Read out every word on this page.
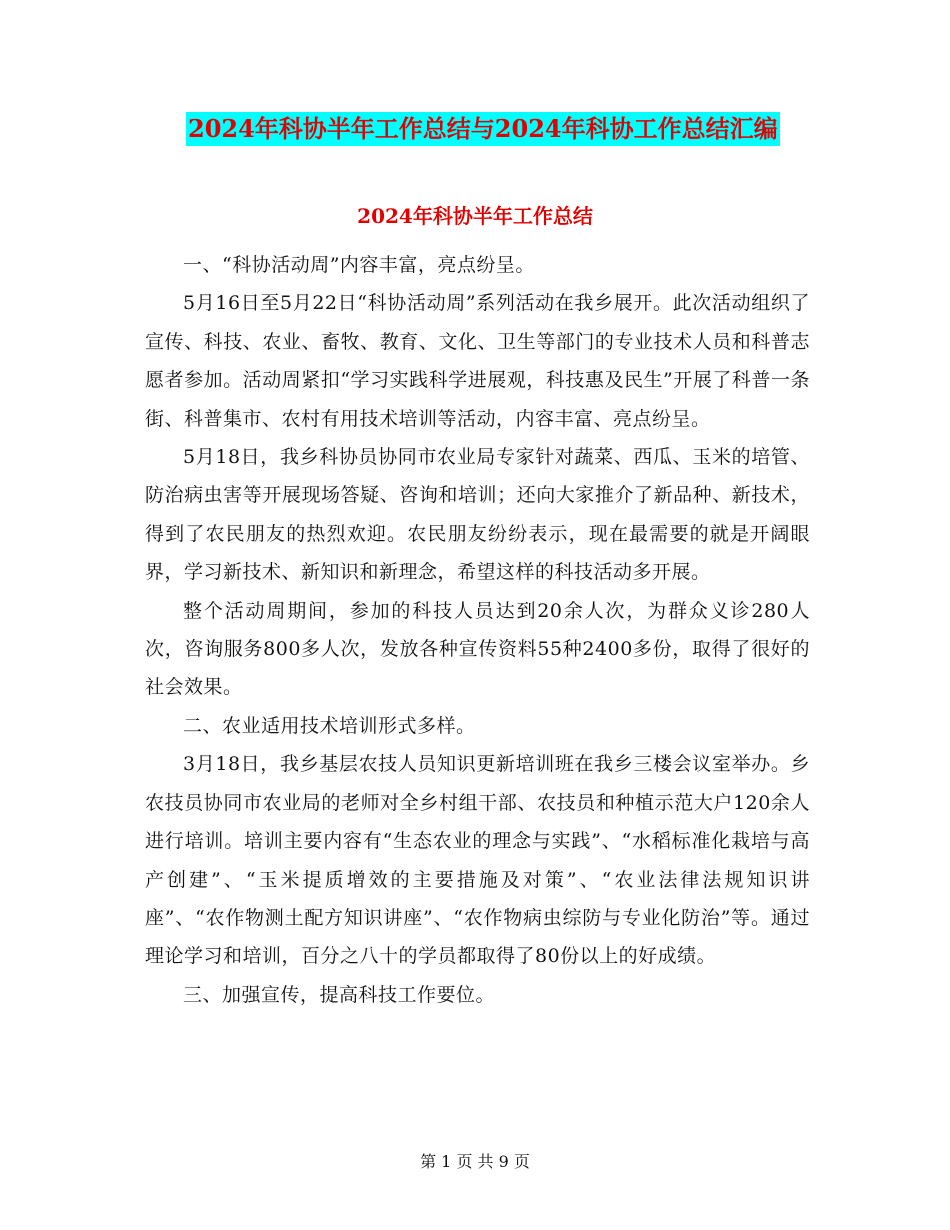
2024年科协半年工作总结与2024年科协工作总结汇编
2024年科协半年工作总结

一、“科协活动周”内容丰富，亮点纷呈。

5月16日至5月22日“科协活动周”系列活动在我乡展开。此次活动组织了宣传、科技、农业、畜牧、教育、文化、卫生等部门的专业技术人员和科普志愿者参加。活动周紧扣“学习实践科学进展观，科技惠及民生”开展了科普一条街、科普集市、农村有用技术培训等活动，内容丰富、亮点纷呈。

5月18日，我乡科协员协同市农业局专家针对蔬菜、西瓜、玉米的培管、防治病虫害等开展现场答疑、咨询和培训；还向大家推介了新品种、新技术，得到了农民朋友的热烈欢迎。农民朋友纷纷表示，现在最需要的就是开阔眼界，学习新技术、新知识和新理念，希望这样的科技活动多开展。

整个活动周期间，参加的科技人员达到20余人次，为群众义诊280人次，咨询服务800多人次，发放各种宣传资料55种2400多份，取得了很好的社会效果。

二、农业适用技术培训形式多样。

3月18日，我乡基层农技人员知识更新培训班在我乡三楼会议室举办。乡农技员协同市农业局的老师对全乡村组干部、农技员和种植示范大户120余人进行培训。培训主要内容有“生态农业的理念与实践”、“水稻标准化栽培与高产创建”、“玉米提质增效的主要措施及对策”、“农业法律法规知识讲座”、“农作物测土配方知识讲座”、“农作物病虫综防与专业化防治”等。通过理论学习和培训，百分之八十的学员都取得了80份以上的好成绩。

三、加强宣传，提高科技工作要位。

第 1 页 共 9 页
